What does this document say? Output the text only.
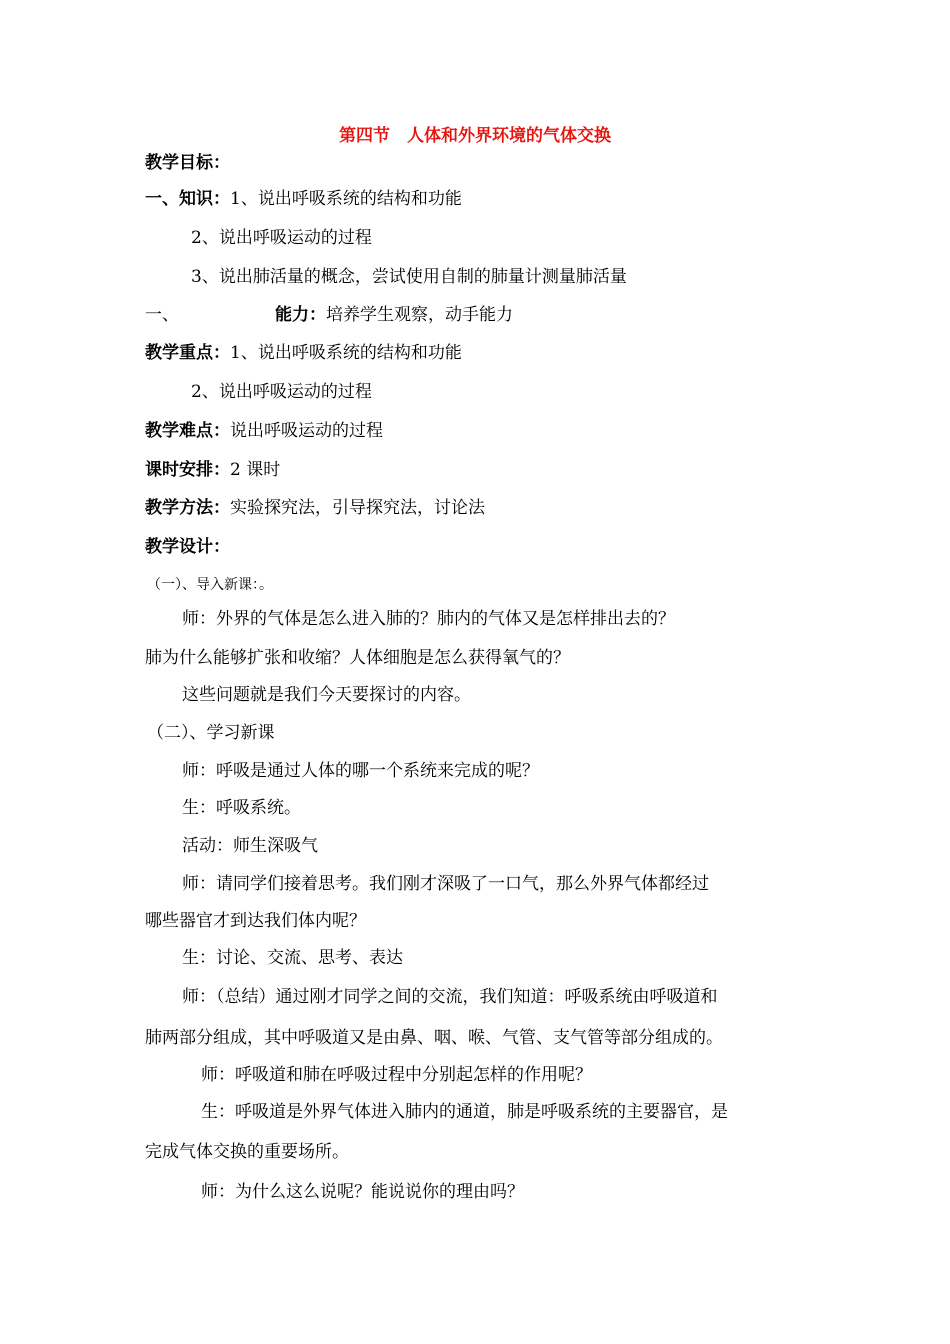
第四节　人体和外界环境的气体交换
教学目标：
一、知识：1、说出呼吸系统的结构和功能
2、说出呼吸运动的过程
3、说出肺活量的概念，尝试使用自制的肺量计测量肺活量
一、	能力：培养学生观察，动手能力
教学重点：1、说出呼吸系统的结构和功能
2、说出呼吸运动的过程
教学难点：说出呼吸运动的过程
课时安排：2 课时
教学方法：实验探究法，引导探究法，讨论法
教学设计：
（一）、导入新课：。
师：外界的气体是怎么进入肺的？肺内的气体又是怎样排出去的？
肺为什么能够扩张和收缩？人体细胞是怎么获得氧气的？
这些问题就是我们今天要探讨的内容。
（二）、学习新课
师：呼吸是通过人体的哪一个系统来完成的呢？
生：呼吸系统。
活动：师生深吸气
师：请同学们接着思考。我们刚才深吸了一口气，那么外界气体都经过
哪些器官才到达我们体内呢？
生：讨论、交流、思考、表达
师：（总结）通过刚才同学之间的交流，我们知道：呼吸系统由呼吸道和
肺两部分组成，其中呼吸道又是由鼻、咽、喉、气管、支气管等部分组成的。
师：呼吸道和肺在呼吸过程中分别起怎样的作用呢？
生：呼吸道是外界气体进入肺内的通道，肺是呼吸系统的主要器官，是
完成气体交换的重要场所。
师：为什么这么说呢？能说说你的理由吗？
